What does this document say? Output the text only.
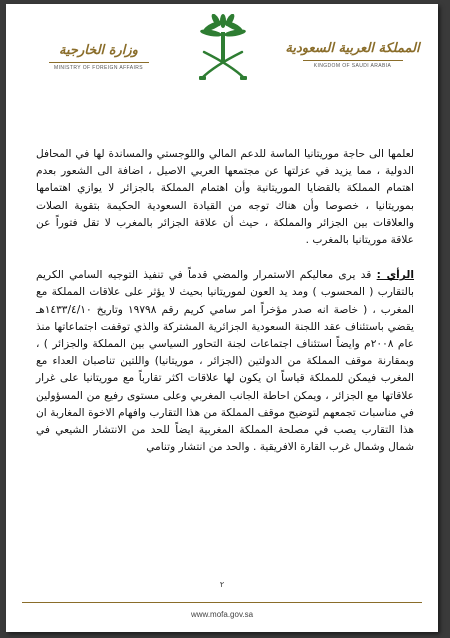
المملكة العربية السعودية
KINGDOM OF SAUDI ARABIA
وزارة الخارجية
MINISTRY OF FOREIGN AFFAIRS
لعلمها الى حاجة موريتانيا الماسة للدعم المالي واللوجستي والمساندة لها في المحافل الدولية ، مما يزيد في عزلتها عن مجتمعها العربي الاصيل ، اضافة الى الشعور بعدم اهتمام المملكة بالقضايا الموريتانية وأن اهتمام المملكة بالجزائر لا يوازي اهتمامها بموريتانيا ، خصوصا وأن هناك توجه من القيادة السعودية الحكيمة بتقوية الصلات والعلاقات بين الجزائر والمملكة ، حيث أن علاقة الجزائر بالمغرب لا تقل فتوراً عن علاقة موريتانيا بالمغرب .
الرأي : قد يرى معاليكم الاستمرار والمضي قدماً في تنفيذ التوجيه السامي الكريم بالتقارب ( المحسوب ) ومد يد العون لموريتانيا بحيث لا يؤثر على علاقات المملكة مع المغرب ، ( خاصة انه صدر مؤخراً امر سامي كريم رقم ١٩٧٩٨ وتاريخ ١٤٣٣/٤/١٠هـ يقضي باستئناف عقد اللجنة السعودية الجزائرية المشتركة والذي توقفت اجتماعاتها منذ عام ٢٠٠٨م وايضاً استئناف اجتماعات لجنة التحاور السياسي بين المملكة والجزائر ) ، وبمقارنة موقف المملكة من الدولتين (الجزائر ، موريتانيا) واللتين تناصبان العداء مع المغرب فيمكن للمملكة قياساً ان يكون لها علاقات اكثر تقارباً مع موريتانيا على غرار علاقاتها مع الجزائر ، ويمكن احاطة الجانب المغربي وعلى مستوى رفيع من المسؤولين في مناسبات تجمعهم لتوضيح موقف المملكة من هذا التقارب وافهام الاخوة المغاربة ان هذا التقارب يصب في مصلحة المملكة المغربية ايضاً للحد من الانتشار الشيعي في شمال وشمال غرب القارة الافريقية . والحد من انتشار وتنامي
٢
www.mofa.gov.sa
